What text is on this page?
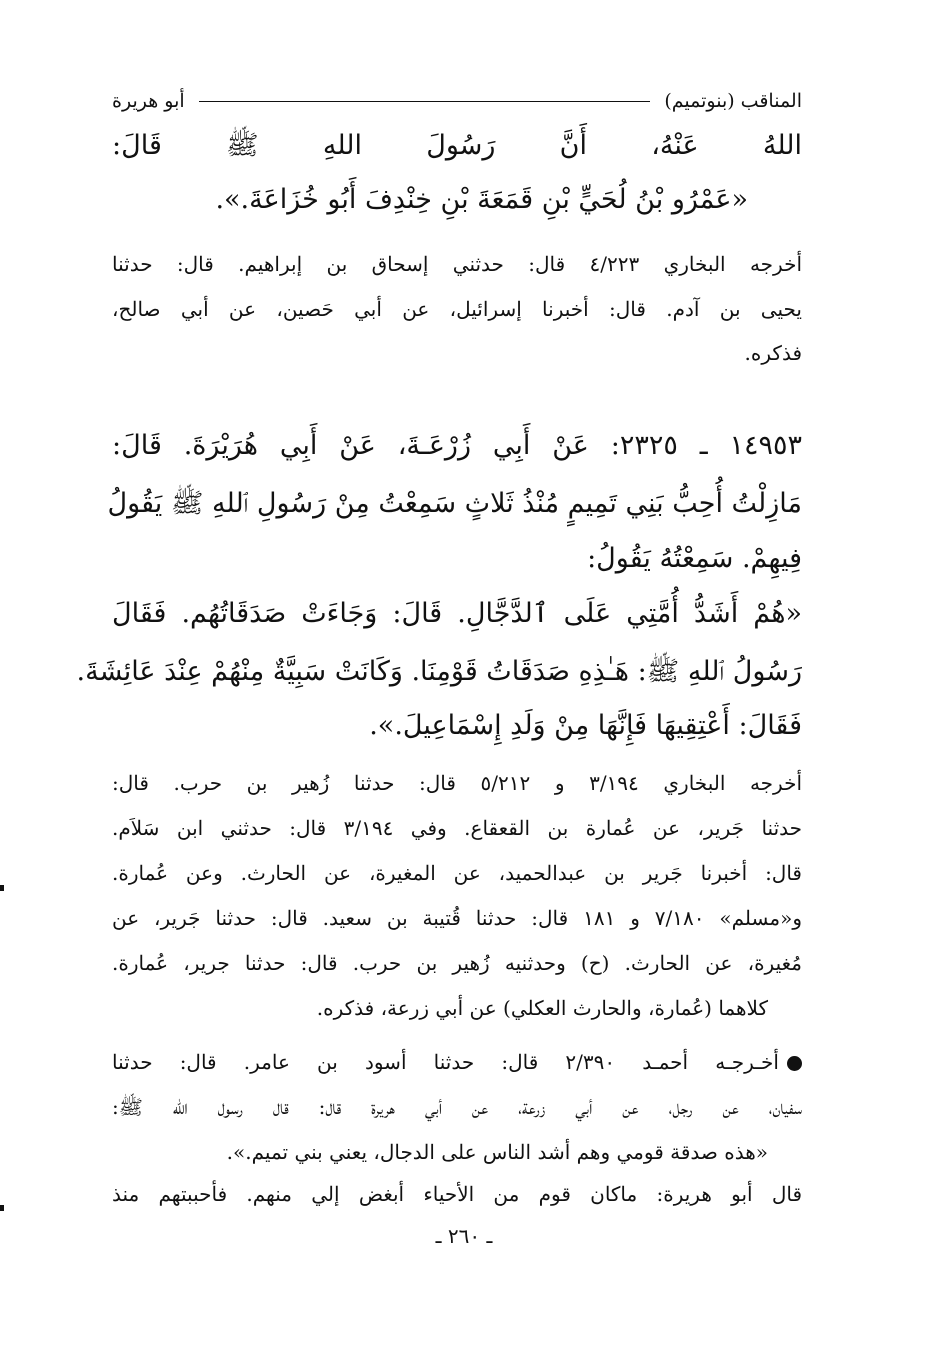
المناقب (بنوتميم)
أبو هريرة
اللهُ عَنْهُ، أَنَّ رَسُولَ اللهِ ﷺ قَالَ:
«عَمْرُو بْنُ لُحَيٍّ بْنِ قَمَعَةَ بْنِ خِنْدِفَ أَبُو خُزَاعَةَ.».
أخرجه البخاري ٤/٢٢٣ قال: حدثني إسحاق بن إبراهيم. قال: حدثنا
يحيى بن آدم. قال: أخبرنا إسرائيل، عن أبي حَصين، عن أبي صالح،
فذكره.
١٤٩٥٣ ـ ٢٣٢٥: عَنْ أَبِي زُرْعَـةَ، عَنْ أَبِي هُرَيْرَةَ. قَالَ:
مَازِلْتُ أُحِبُّ بَنِي تَمِيمٍ مُنْذُ ثَلاثٍ سَمِعْتُ مِنْ رَسُولِ ٱللهِ ﷺ يَقُولُ
فِيهِمْ. سَمِعْتُهُ يَقُولُ:
«هُمْ أَشَدُّ أُمَّتِي عَلَى ٱلدَّجَّالِ. قَالَ: وَجَاءَتْ صَدَقَاتُهُم. فَقَالَ
رَسُولُ ٱللهِ ﷺ: هَـٰذِهِ صَدَقَاتُ قَوْمِنَا. وَكَانَتْ سَبِيَّةٌ مِنْهُمْ عِنْدَ عَائِشَةَ.
فَقَالَ: أَعْتِقِيهَا فَإِنَّهَا مِنْ وَلَدِ إِسْمَاعِيلَ.».
أخرجه البخاري ٣/١٩٤ و ٥/٢١٢ قال: حدثنا زُهير بن حرب. قال:
حدثنا جَرير، عن عُمارة بن القعقاع. وفي ٣/١٩٤ قال: حدثني ابن سَلاَم.
قال: أخبرنا جَرير بن عبدالحميد، عن المغيرة، عن الحارث. وعن عُمارة.
و«مسلم» ٧/١٨٠ و ١٨١ قال: حدثنا قُتيبة بن سعيد. قال: حدثنا جَرير، عن
مُغيرة، عن الحارث. (ح) وحدثنيه زُهير بن حرب. قال: حدثنا جرير، عُمارة.
كلاهما (عُمارة، والحارث العكلي) عن أبي زرعة، فذكره.
أخـرجـه أحمـد ٢/٣٩٠ قال: حدثنا أسود بن عامر. قال: حدثنا
سفيان، عن رجل، عن أبي زرعة، عن أبي هريرة قال: قال رسول الله ﷺ:
«هذه صدقة قومي وهم أشد الناس على الدجال، يعني بني تميم.».
قال أبو هريرة: ماكان قوم من الأحياء أبغض إلي منهم. فأحببتهم منذ
ـ ٢٦٠ ـ
